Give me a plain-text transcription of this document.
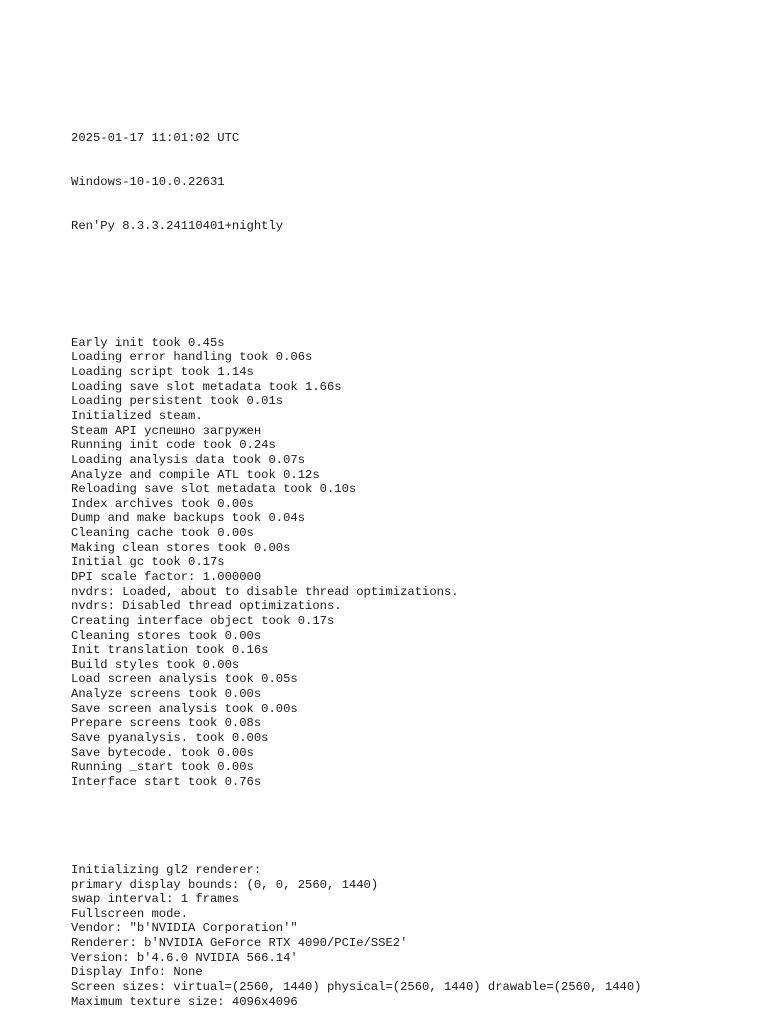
2025-01-17 11:01:02 UTC

Windows-10-10.0.22631

Ren'Py 8.3.3.24110401+nightly

Early init took 0.45s
Loading error handling took 0.06s
Loading script took 1.14s
Loading save slot metadata took 1.66s
Loading persistent took 0.01s
Initialized steam.
Steam API успешно загружен
Running init code took 0.24s
Loading analysis data took 0.07s
Analyze and compile ATL took 0.12s
Reloading save slot metadata took 0.10s
Index archives took 0.00s
Dump and make backups took 0.04s
Cleaning cache took 0.00s
Making clean stores took 0.00s
Initial gc took 0.17s
DPI scale factor: 1.000000
nvdrs: Loaded, about to disable thread optimizations.
nvdrs: Disabled thread optimizations.
Creating interface object took 0.17s
Cleaning stores took 0.00s
Init translation took 0.16s
Build styles took 0.00s
Load screen analysis took 0.05s
Analyze screens took 0.00s
Save screen analysis took 0.00s
Prepare screens took 0.08s
Save pyanalysis. took 0.00s
Save bytecode. took 0.00s
Running _start took 0.00s
Interface start took 0.76s

Initializing gl2 renderer:
primary display bounds: (0, 0, 2560, 1440)
swap interval: 1 frames
Fullscreen mode.
Vendor: "b'NVIDIA Corporation'"
Renderer: b'NVIDIA GeForce RTX 4090/PCIe/SSE2'
Version: b'4.6.0 NVIDIA 566.14'
Display Info: None
Screen sizes: virtual=(2560, 1440) physical=(2560, 1440) drawable=(2560, 1440)
Maximum texture size: 4096x4096
